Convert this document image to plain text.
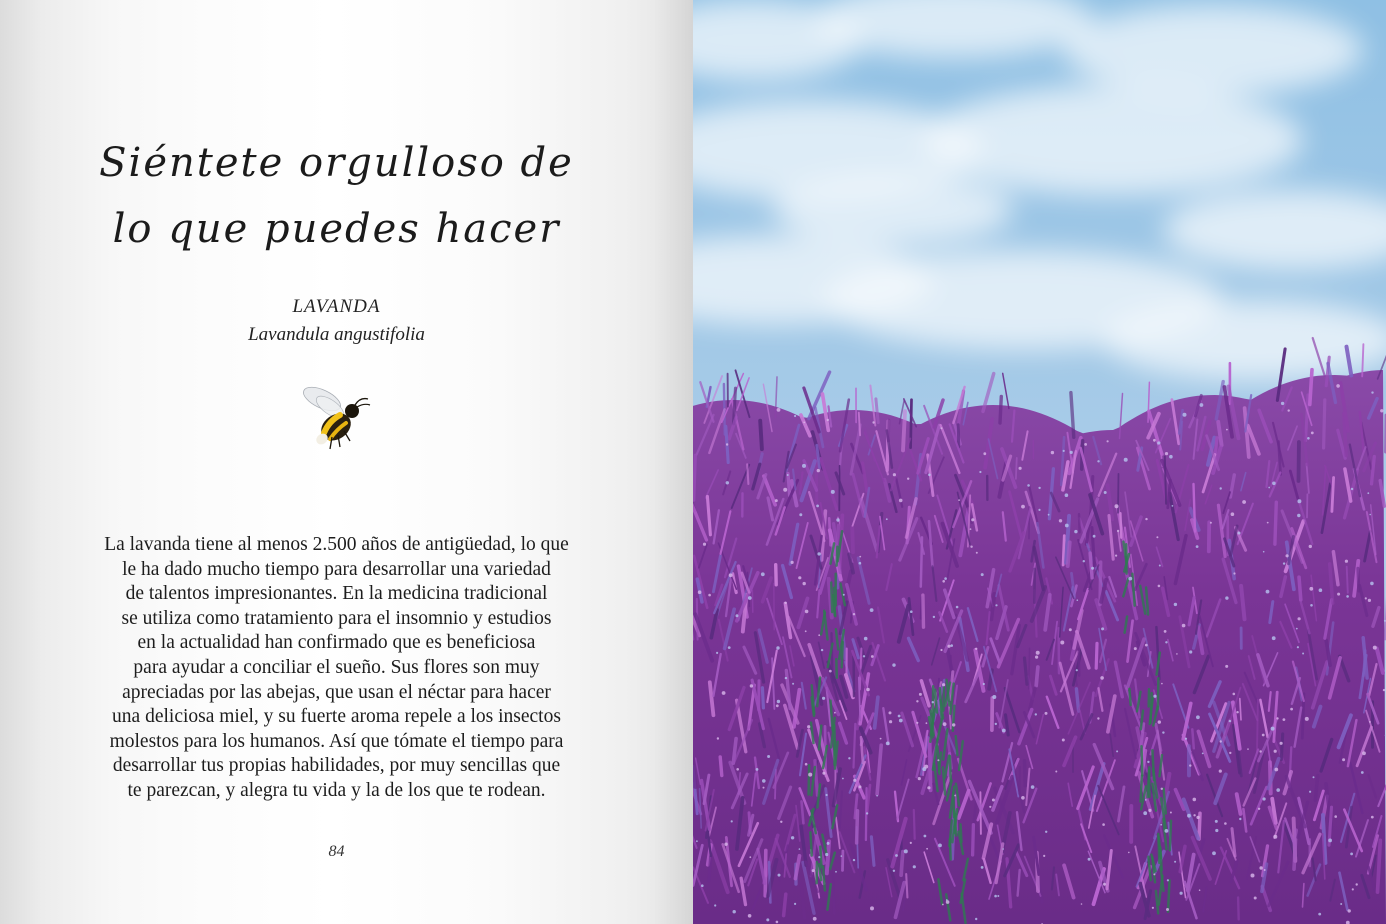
Siéntete orgulloso de
lo que puedes hacer
LAVANDA
Lavandula angustifolia
La lavanda tiene al menos 2.500 años de antigüedad, lo que
le ha dado mucho tiempo para desarrollar una variedad
de talentos impresionantes. En la medicina tradicional
se utiliza como tratamiento para el insomnio y estudios
en la actualidad han confirmado que es beneficiosa
para ayudar a conciliar el sueño. Sus flores son muy
apreciadas por las abejas, que usan el néctar para hacer
una deliciosa miel, y su fuerte aroma repele a los insectos
molestos para los humanos. Así que tómate el tiempo para
desarrollar tus propias habilidades, por muy sencillas que
te parezcan, y alegra tu vida y la de los que te rodean.
84
